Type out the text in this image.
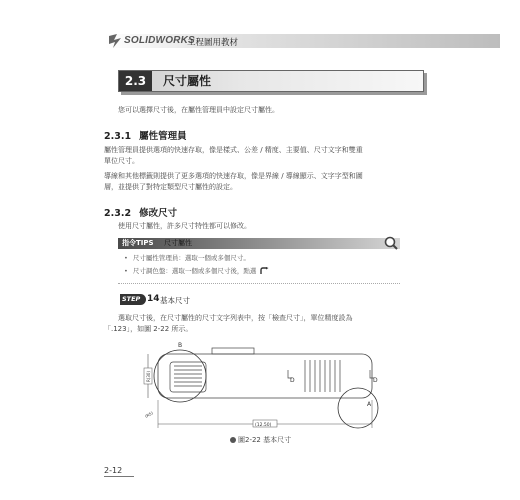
SOLIDWORKS
工程圖用教材
2.3	尺寸屬性
您可以選擇尺寸後，在屬性管理員中設定尺寸屬性。
2.3.1 屬性管理員
屬性管理員提供選項的快速存取，像是樣式、公差 / 精度、主要值、尺寸文字和雙重
單位尺寸。
導線和其他標籤則提供了更多選項的快速存取，像是界線 / 導線顯示、文字字型和圖
層，並提供了對特定類型尺寸屬性的設定。
2.3.2 修改尺寸
使用尺寸屬性，許多尺寸特性都可以修改。
指令TIPS 尺寸屬性
• 尺寸屬性管理員：選取一個或多個尺寸。
• 尺寸調色盤：選取一個或多個尺寸後，點選
STEP 14 基本尺寸
選取尺寸後，在尺寸屬性的尺寸文字列表中，按「檢查尺寸」，單位精度設為
「.123」，如圖 2-22 所示。
B
D	D
A
R(30)
(12.50)
(R5)
圖2-22 基本尺寸
2-12
